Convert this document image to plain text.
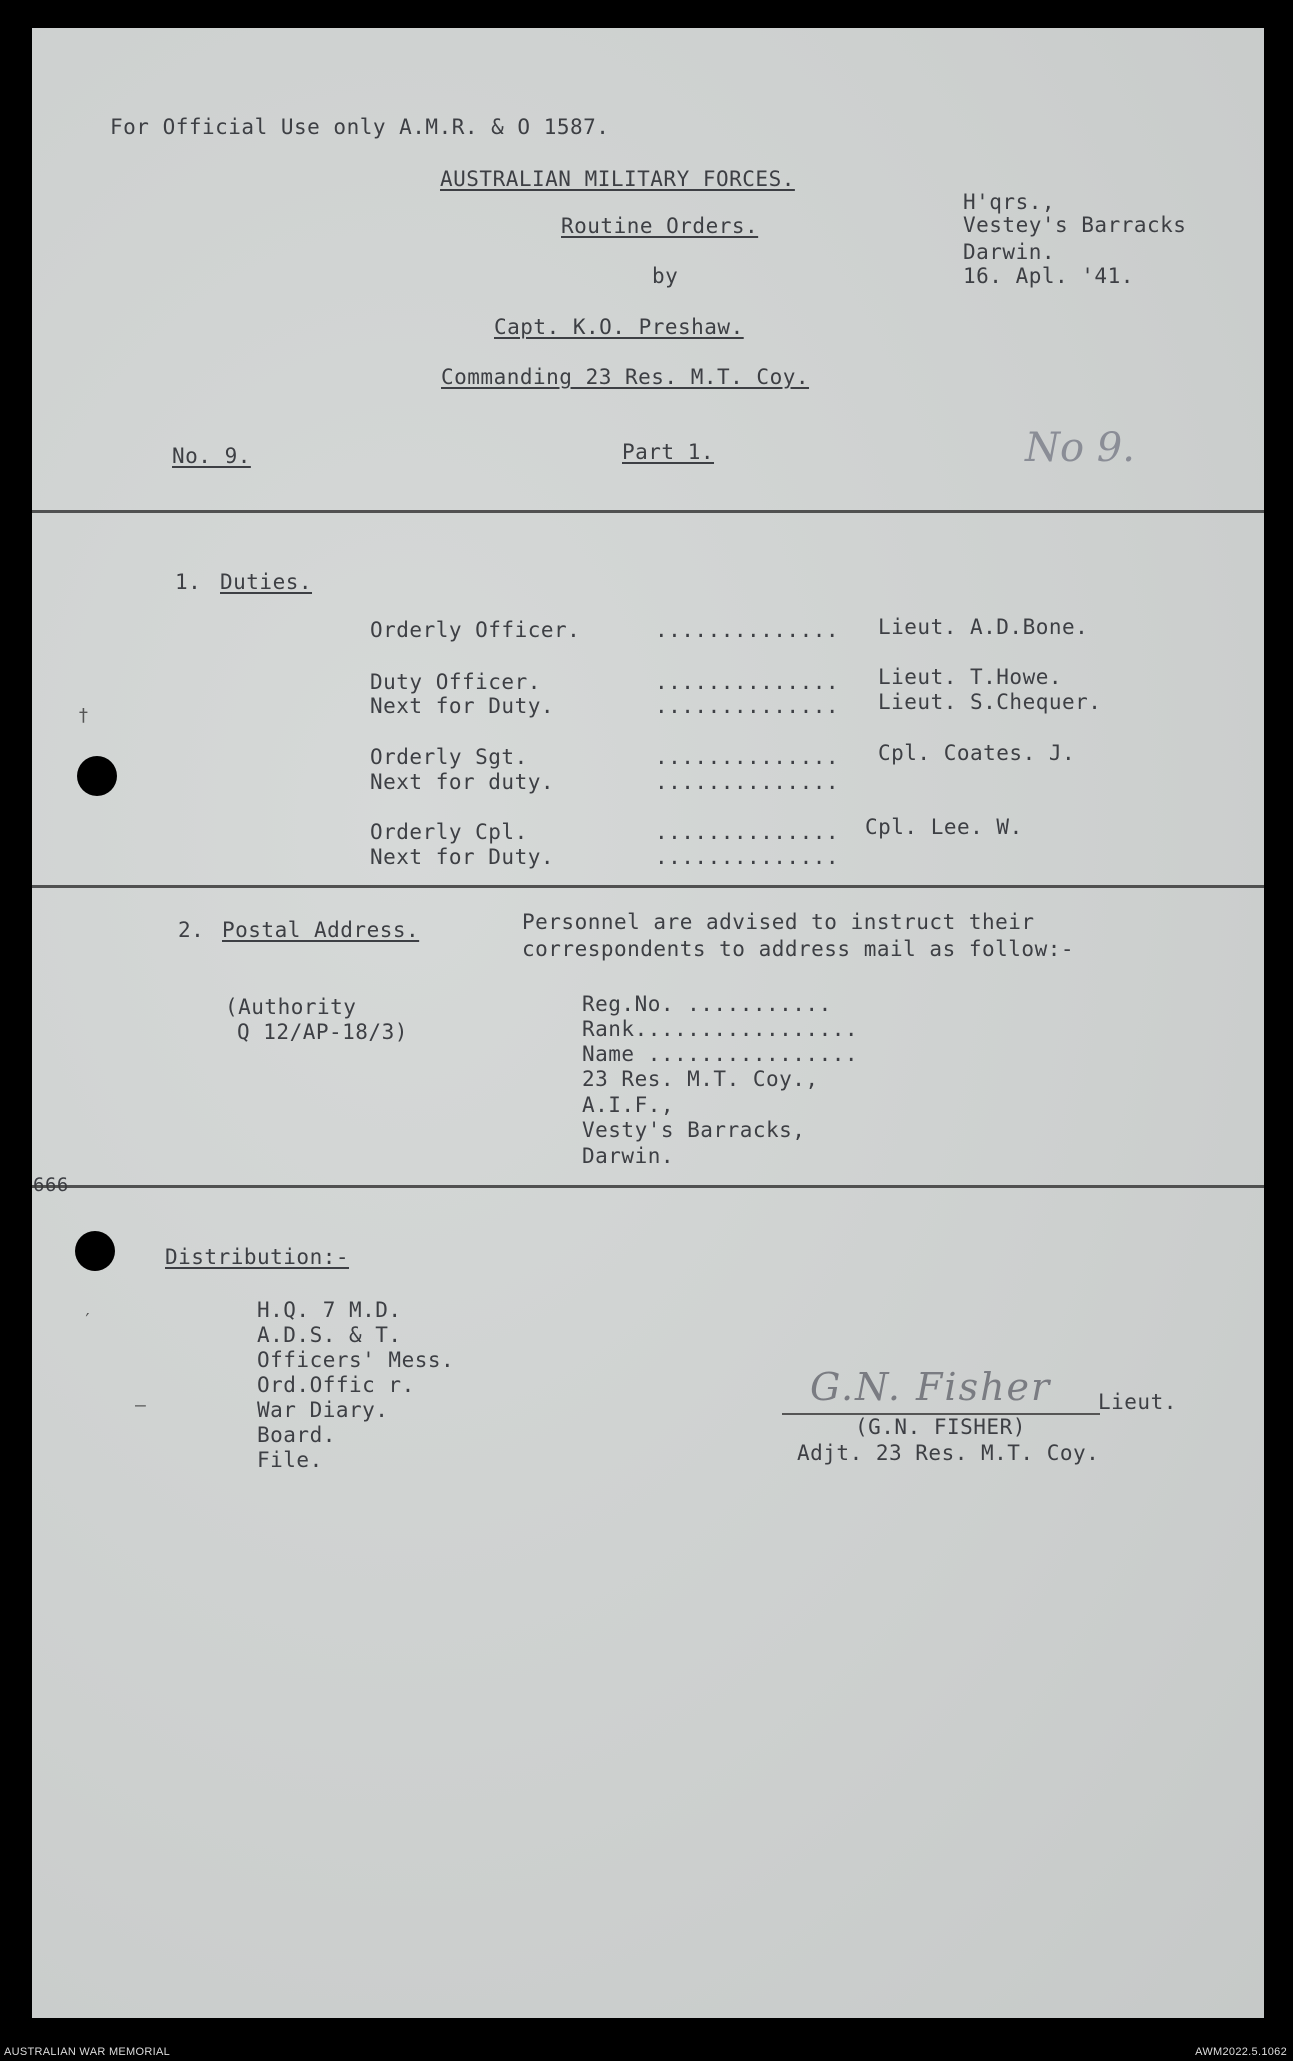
For Official Use only A.M.R. & O 1587.
AUSTRALIAN MILITARY FORCES.
Routine Orders.
by
Capt. K.O. Preshaw.
Commanding 23 Res. M.T. Coy.
H'qrs.,
Vestey's Barracks
Darwin.
16. Apl. '41.
No. 9.	Part 1.	No 9.
1. Duties.
Orderly Officer.	.............. Lieut. A.D.Bone.
Duty Officer.	.............. Lieut. T.Howe.
Next for Duty.	.............. Lieut. S.Chequer.
Orderly Sgt.	.............. Cpl. Coates. J.
Next for duty.	..............
Orderly Cpl.	.............. Cpl. Lee. W.
Next for Duty.	..............
2. Postal Address.	Personnel are advised to instruct their
correspondents to address mail as follow:-
(Authority
Q 12/AP-18/3)
Reg.No. ...........
Rank.................
Name ................
23 Res. M.T. Coy.,
A.I.F.,
Vesty's Barracks,
Darwin.
Distribution:-
H.Q. 7 M.D.
A.D.S. & T.
Officers' Mess.
Ord.Offic r.
War Diary.
Board.
File.
G.N. Fisher Lieut.
(G.N. FISHER)
Adjt. 23 Res. M.T. Coy.
†
′
—
AUSTRALIAN WAR MEMORIAL	AWM2022.5.1062
